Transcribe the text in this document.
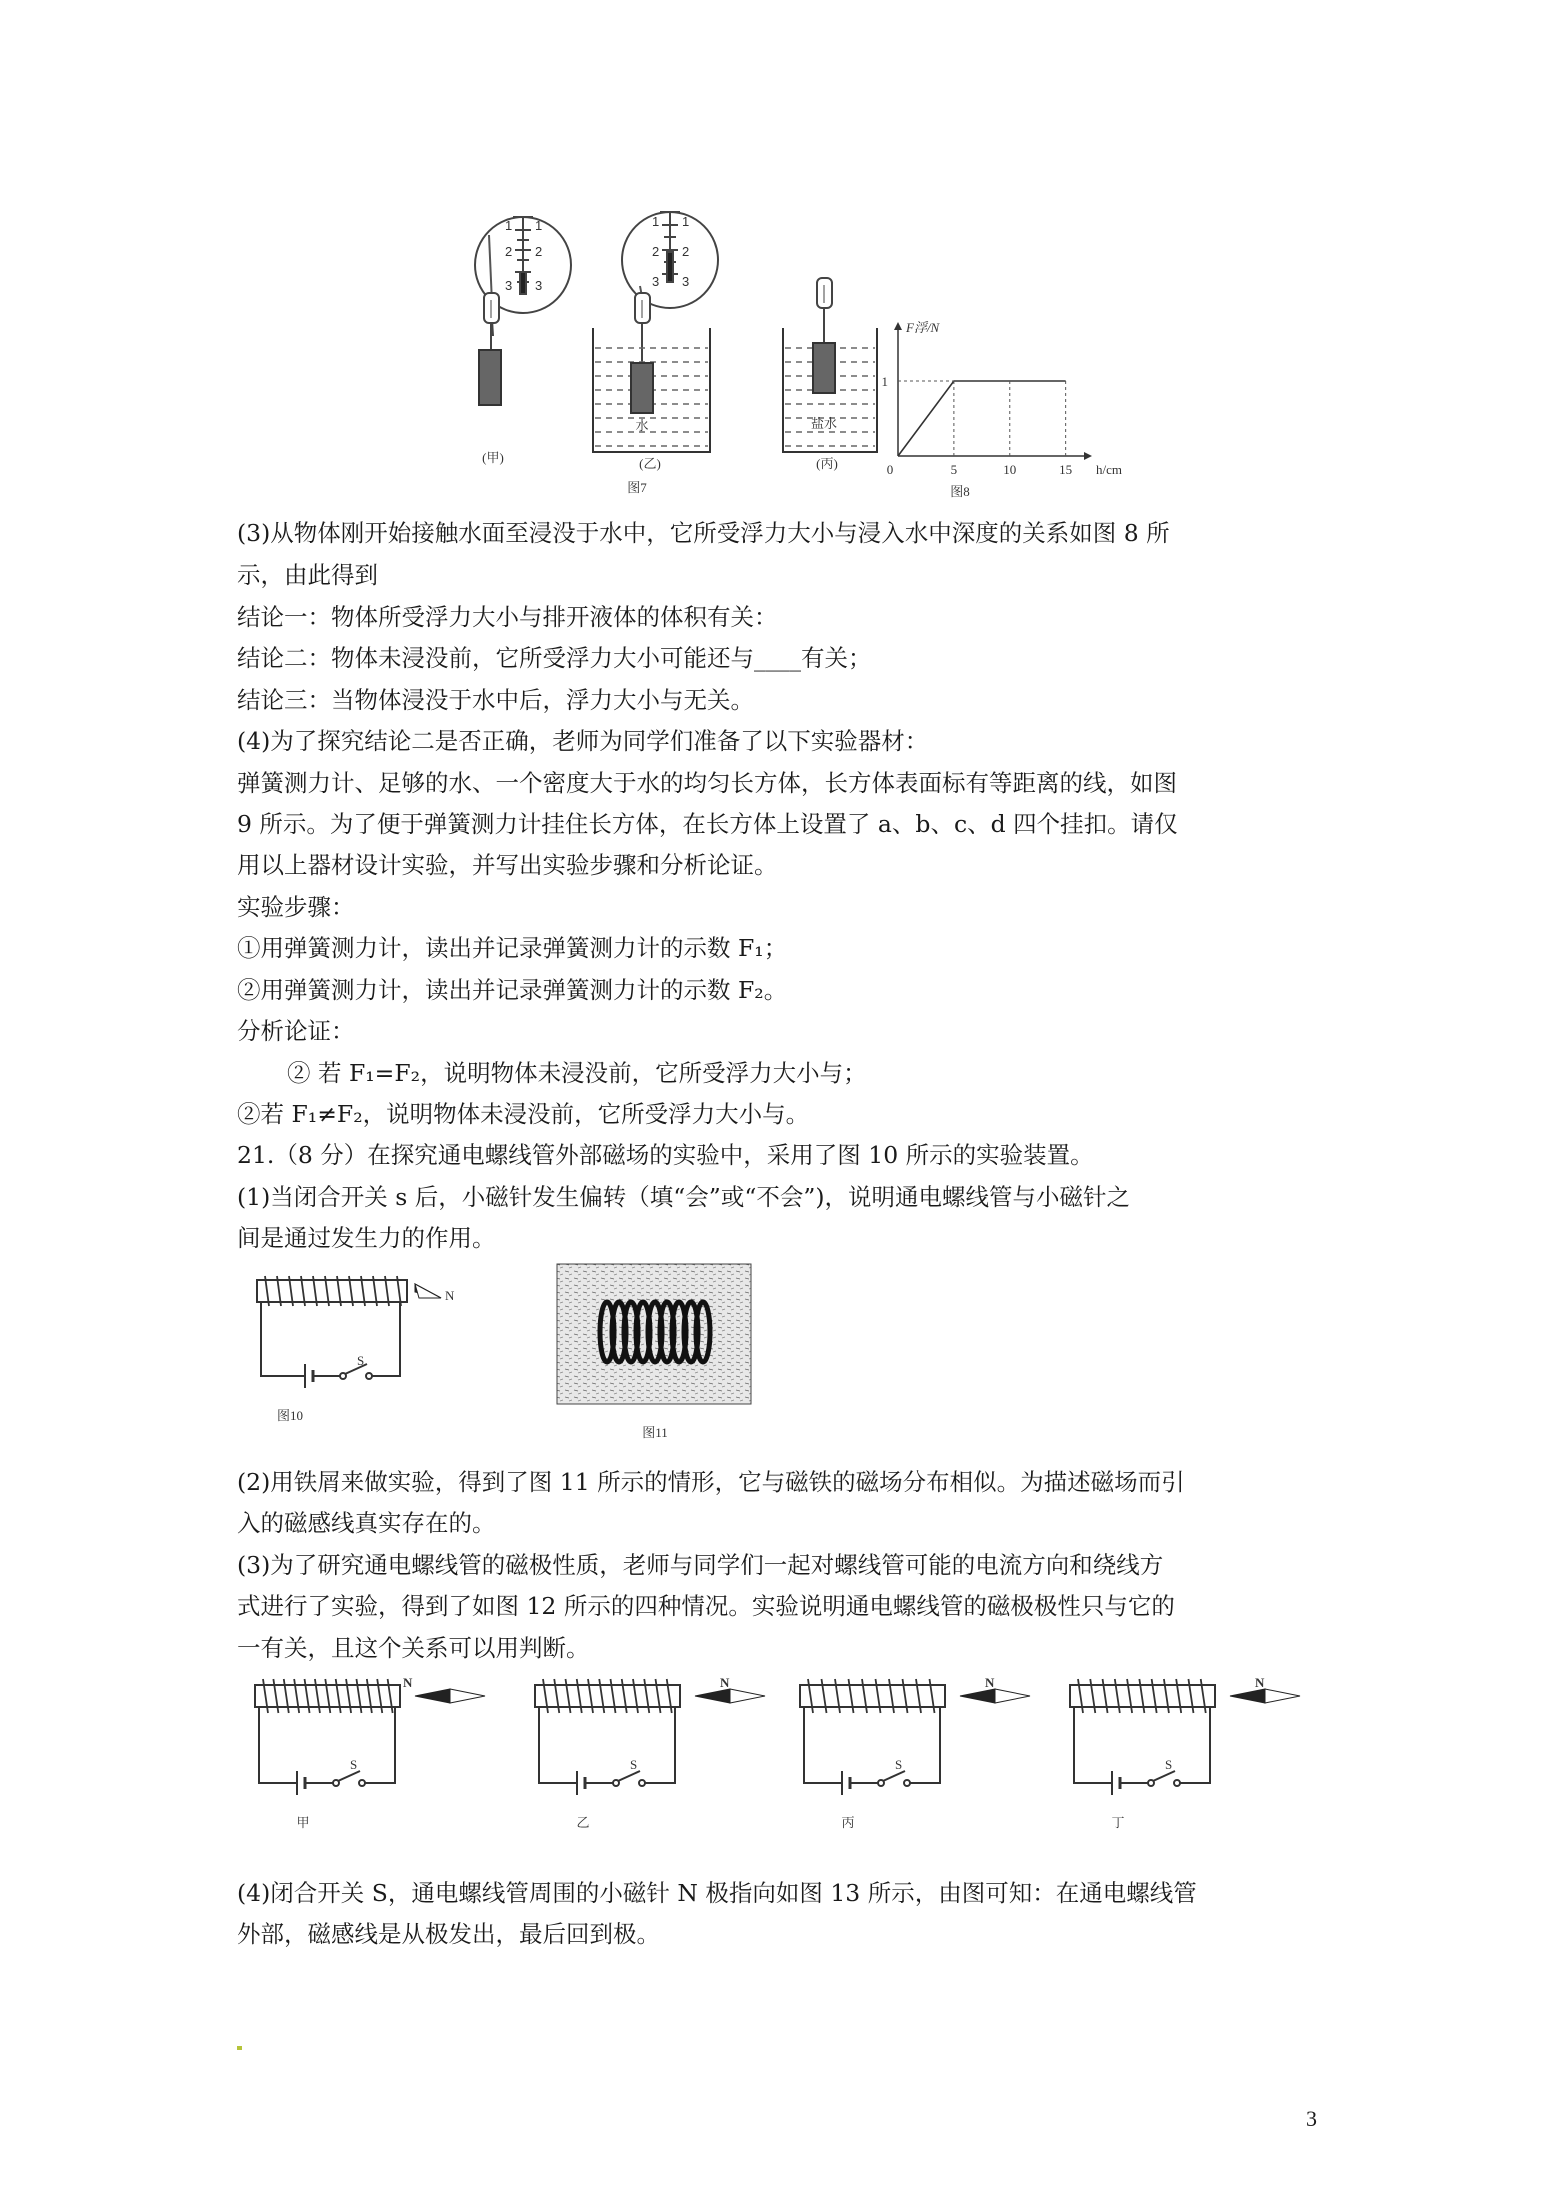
1 1
2 2
3 3
1 1
2 2
3 3
水	盐水
(甲)	(乙)	(丙)
图7
0	5	10	15
1
h/cm
F浮/N
图8
(3)从物体刚开始接触水面至浸没于水中，它所受浮力大小与浸入水中深度的关系如图 8 所
示，由此得到
结论一：物体所受浮力大小与排开液体的体积有关：
结论二：物体未浸没前，它所受浮力大小可能还与____有关；
结论三：当物体浸没于水中后，浮力大小与无关。
(4)为了探究结论二是否正确，老师为同学们准备了以下实验器材：
弹簧测力计、足够的水、一个密度大于水的均匀长方体，长方体表面标有等距离的线，如图
9 所示。为了便于弹簧测力计挂住长方体，在长方体上设置了 a、b、c、d 四个挂扣。请仅
用以上器材设计实验，并写出实验步骤和分析论证。
实验步骤：
①用弹簧测力计，读出并记录弹簧测力计的示数 F₁；
②用弹簧测力计，读出并记录弹簧测力计的示数 F₂。
分析论证：
② 若 F₁=F₂，说明物体未浸没前，它所受浮力大小与；
②若 F₁≠F₂，说明物体未浸没前，它所受浮力大小与。
21.（8 分）在探究通电螺线管外部磁场的实验中，采用了图 10 所示的实验装置。
(1)当闭合开关 s 后，小磁针发生偏转（填“会”或“不会”)，说明通电螺线管与小磁针之
间是通过发生力的作用。
N
S
图10
图11
(2)用铁屑来做实验，得到了图 11 所示的情形，它与磁铁的磁场分布相似。为描述磁场而引
入的磁感线真实存在的。
(3)为了研究通电螺线管的磁极性质，老师与同学们一起对螺线管可能的电流方向和绕线方
式进行了实验，得到了如图 12 所示的四种情况。实验说明通电螺线管的磁极极性只与它的
一有关，且这个关系可以用判断。
N
S
甲
N
S
乙
N
S
丙
N
S
丁
(4)闭合开关 S，通电螺线管周围的小磁针 N 极指向如图 13 所示，由图可知：在通电螺线管
外部，磁感线是从极发出，最后回到极。
3
